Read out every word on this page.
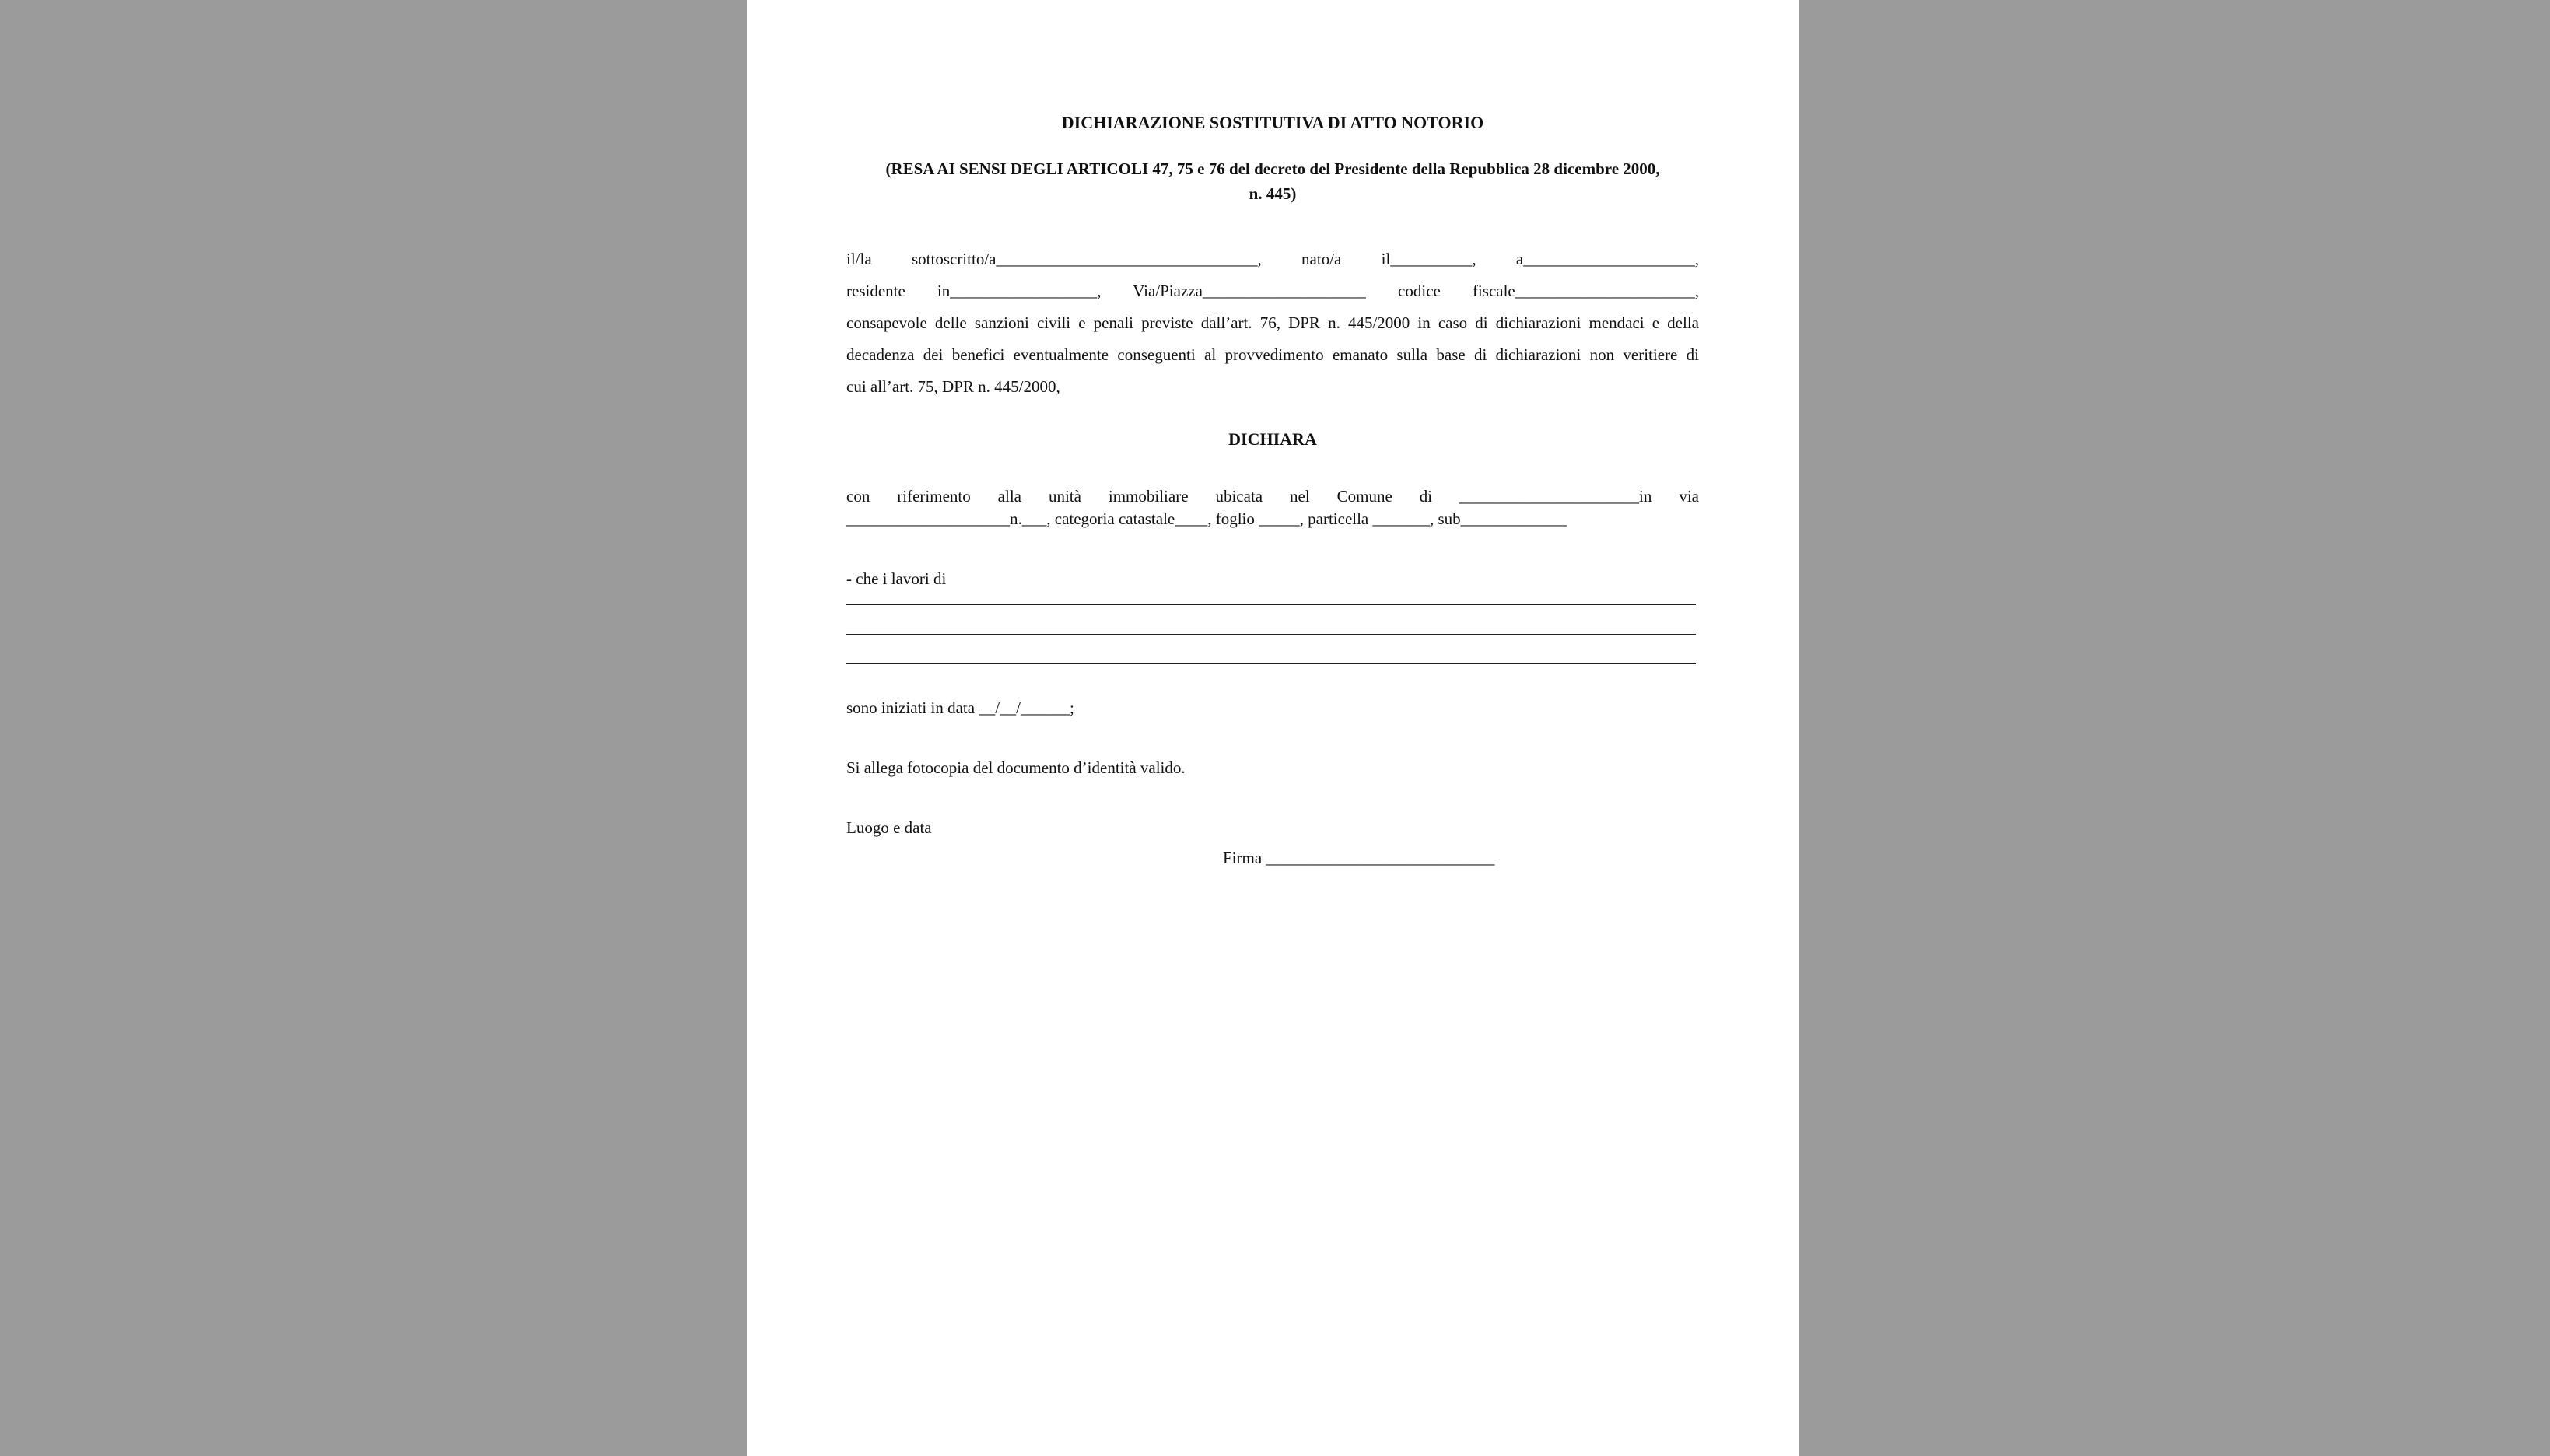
DICHIARAZIONE SOSTITUTIVA DI ATTO NOTORIO

(RESA AI SENSI DEGLI ARTICOLI 47, 75 e 76 del decreto del Presidente della Repubblica 28 dicembre 2000,
n. 445)

il/la sottoscritto/a________________________________, nato/a il__________, a_____________________,
residente in__________________, Via/Piazza____________________ codice fiscale______________________,
consapevole delle sanzioni civili e penali previste dall’art. 76, DPR n. 445/2000 in caso di dichiarazioni mendaci e della
decadenza dei benefici eventualmente conseguenti al provvedimento emanato sulla base di dichiarazioni non veritiere di
cui all’art. 75, DPR n. 445/2000,

DICHIARA

con riferimento alla unità immobiliare ubicata nel Comune di ______________________in via
____________________n.___, categoria catastale____, foglio _____, particella _______, sub_____________

- che i lavori di

sono iniziati in data __/__/______;

Si allega fotocopia del documento d’identità valido.

Luogo e data

Firma ____________________________
